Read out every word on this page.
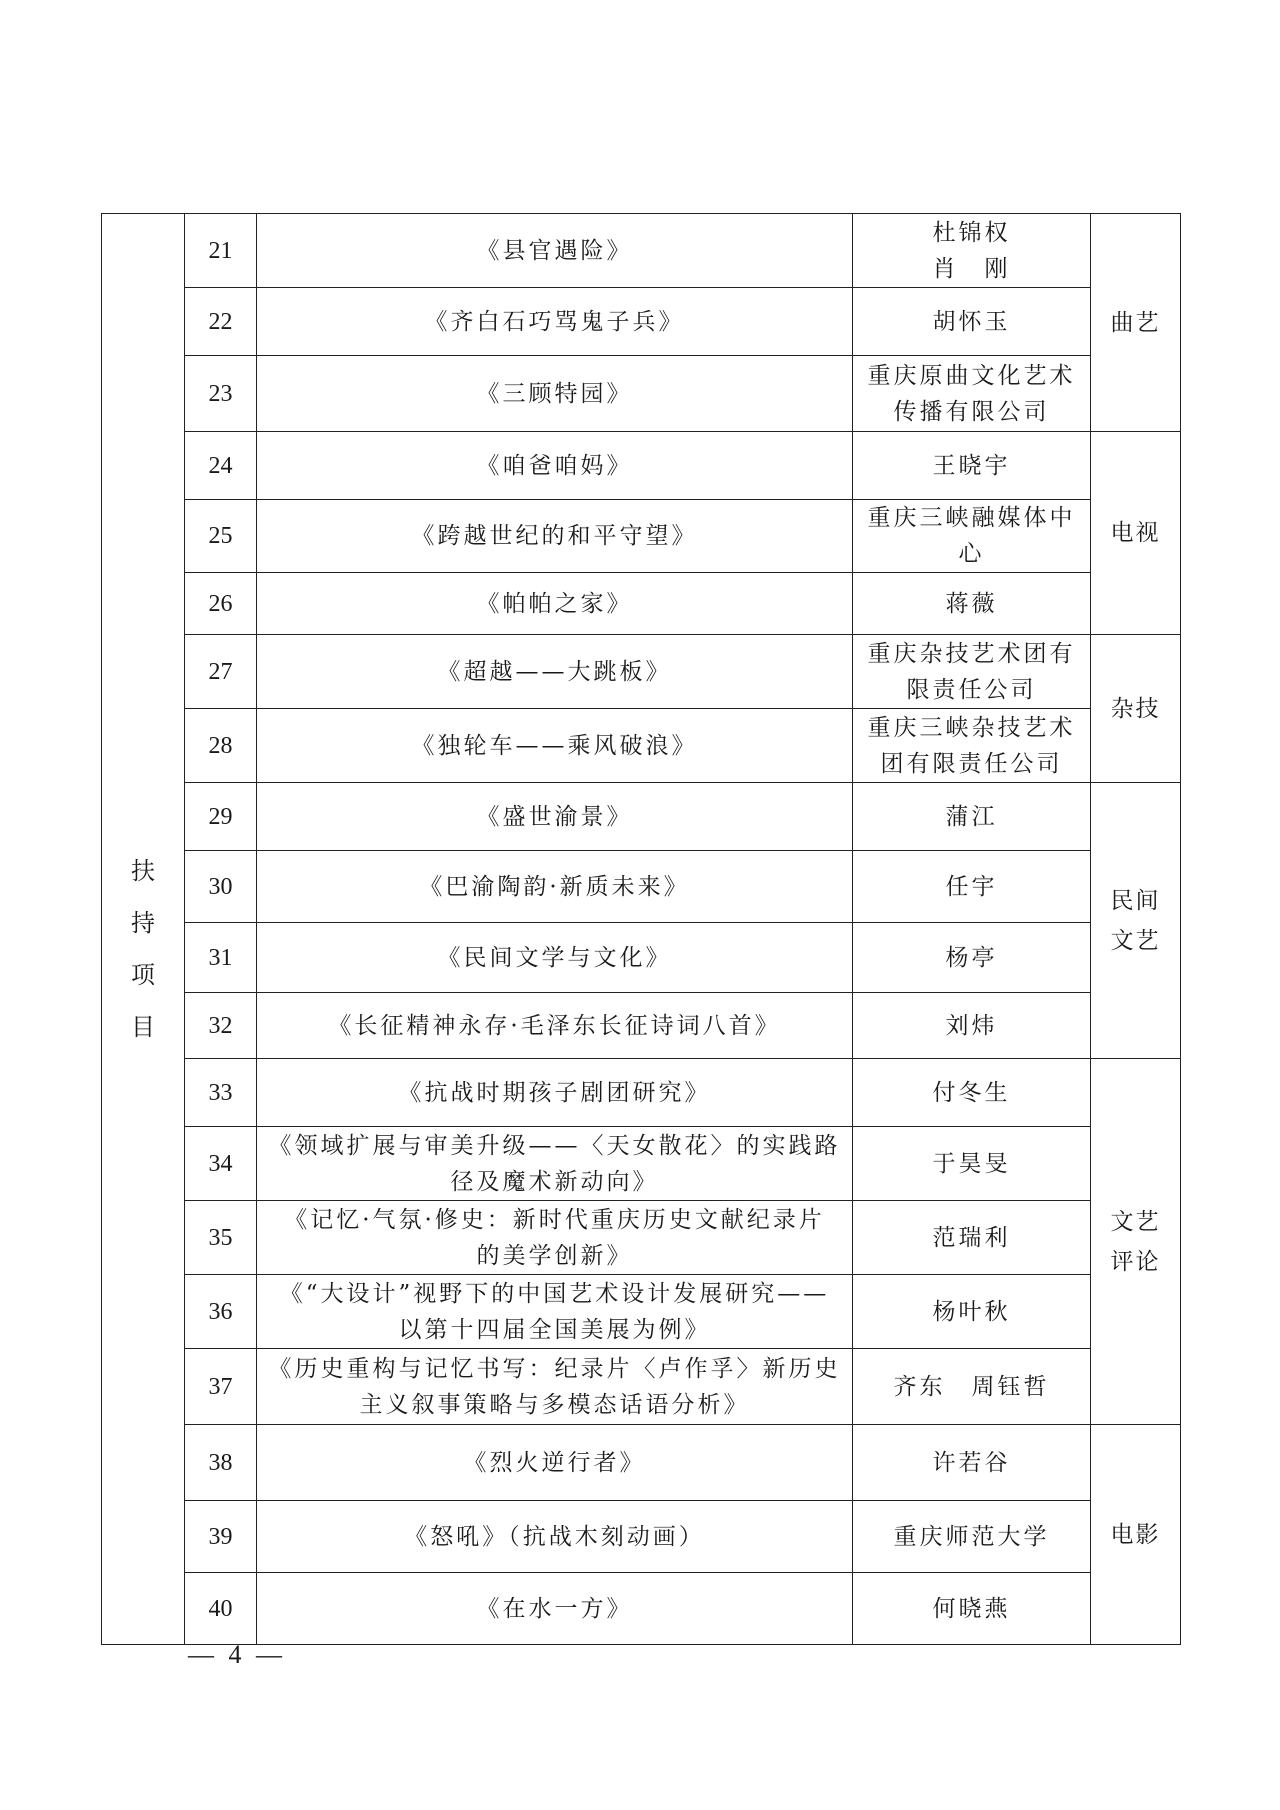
扶
持
项
目	21	《县官遇险》	杜锦权
肖　刚	曲艺

	22	《齐白石巧骂鬼子兵》	胡怀玉	

	23	《三顾特园》	重庆原曲文化艺术
传播有限公司	

	24	《咱爸咱妈》	王晓宇	电视

	25	《跨越世纪的和平守望》	重庆三峡融媒体中心	

	26	《帕帕之家》	蒋薇	

	27	《超越——大跳板》	重庆杂技艺术团有
限责任公司	杂技

	28	《独轮车——乘风破浪》	重庆三峡杂技艺术
团有限责任公司	

	29	《盛世渝景》	蒲江	民间
文艺

	30	《巴渝陶韵·新质未来》	任宇	

	31	《民间文学与文化》	杨亭	

	32	《长征精神永存·毛泽东长征诗词八首》	刘炜	

	33	《抗战时期孩子剧团研究》	付冬生	文艺
评论

	34	《领域扩展与审美升级——〈天女散花〉的实践路
径及魔术新动向》	于昊旻	

	35	《记忆·气氛·修史：新时代重庆历史文献纪录片
的美学创新》	范瑞利	

	36	《“大设计”视野下的中国艺术设计发展研究——
以第十四届全国美展为例》	杨叶秋	

	37	《历史重构与记忆书写：纪录片〈卢作孚〉新历史
主义叙事策略与多模态话语分析》	齐东　周钰哲	

	38	《烈火逆行者》	许若谷	电影

	39	《怒吼》（抗战木刻动画）	重庆师范大学	

	40	《在水一方》	何晓燕	
— 4 —
